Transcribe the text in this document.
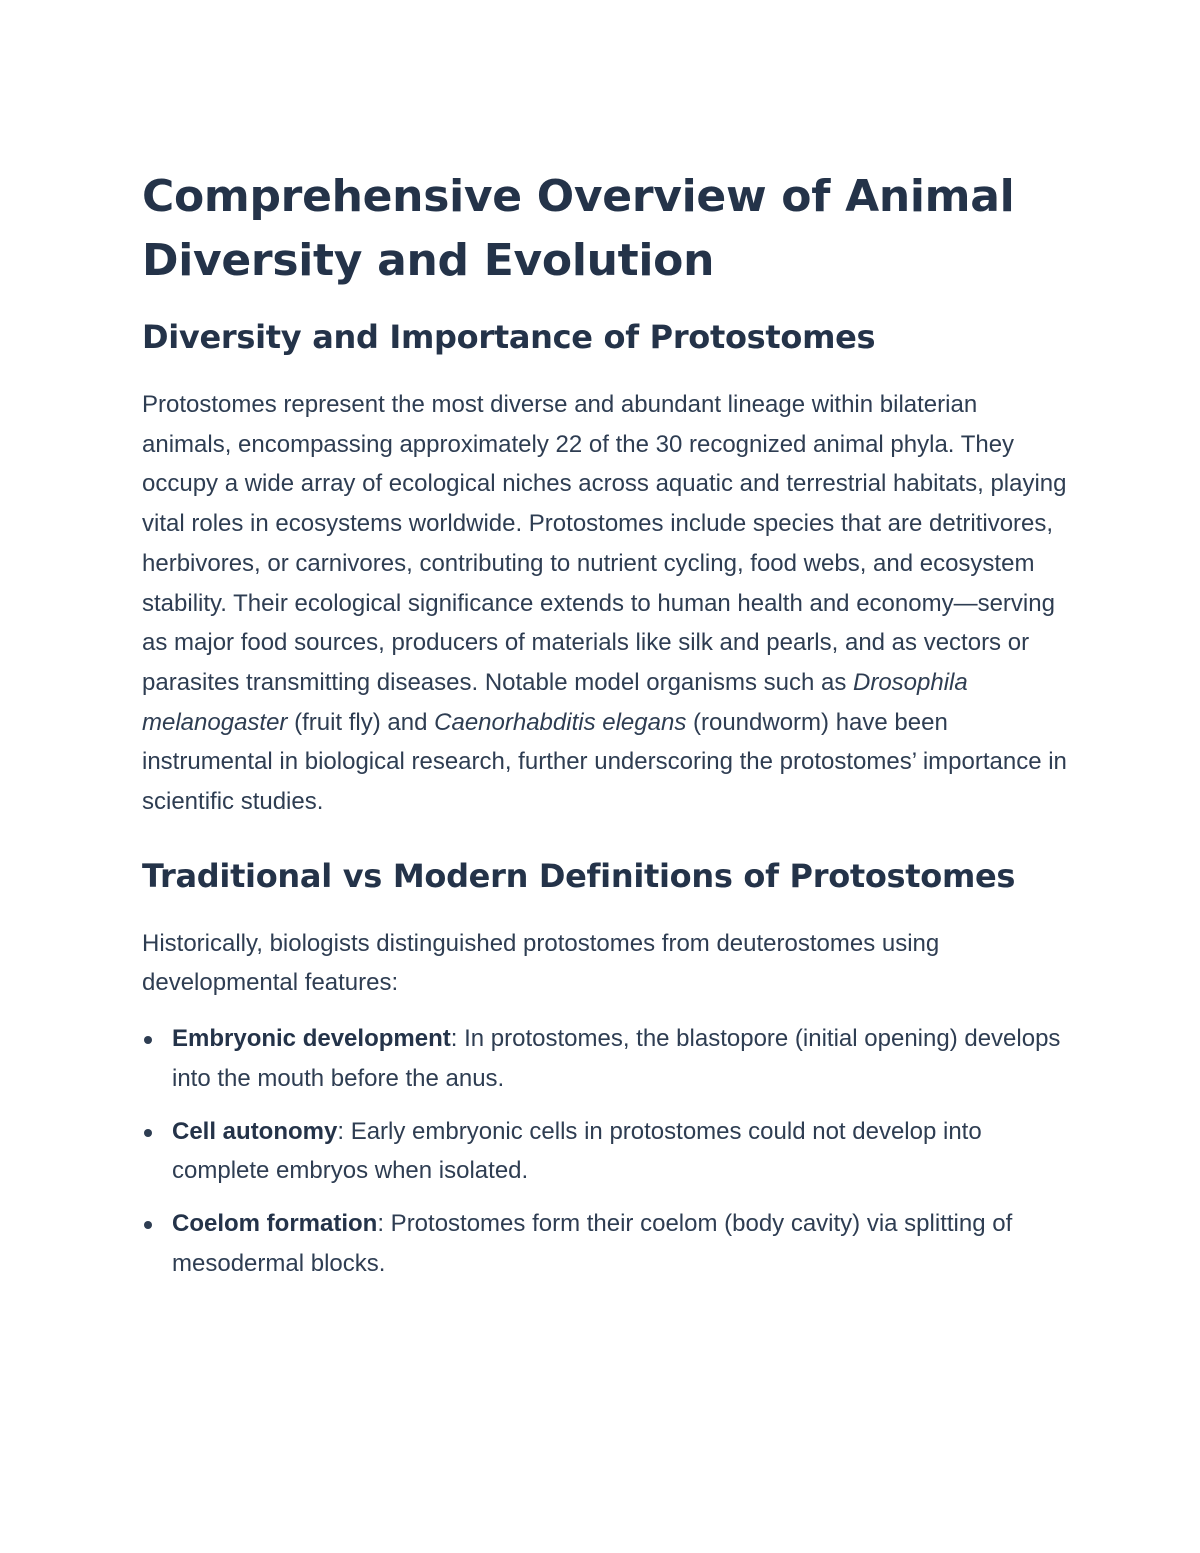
Comprehensive Overview of Animal Diversity and Evolution
Diversity and Importance of Protostomes

Protostomes represent the most diverse and abundant lineage within bilaterian animals, encompassing approximately 22 of the 30 recognized animal phyla. They occupy a wide array of ecological niches across aquatic and terrestrial habitats, playing vital roles in ecosystems worldwide. Protostomes include species that are detritivores, herbivores, or carnivores, contributing to nutrient cycling, food webs, and ecosystem stability. Their ecological significance extends to human health and economy—serving as major food sources, producers of materials like silk and pearls, and as vectors or parasites transmitting diseases. Notable model organisms such as Drosophila melanogaster (fruit fly) and Caenorhabditis elegans (roundworm) have been instrumental in biological research, further underscoring the protostomes’ importance in scientific studies.

Traditional vs Modern Definitions of Protostomes

Historically, biologists distinguished protostomes from deuterostomes using developmental features:

Embryonic development: In protostomes, the blastopore (initial opening) develops into the mouth before the anus.
Cell autonomy: Early embryonic cells in protostomes could not develop into complete embryos when isolated.
Coelom formation: Protostomes form their coelom (body cavity) via splitting of mesodermal blocks.
